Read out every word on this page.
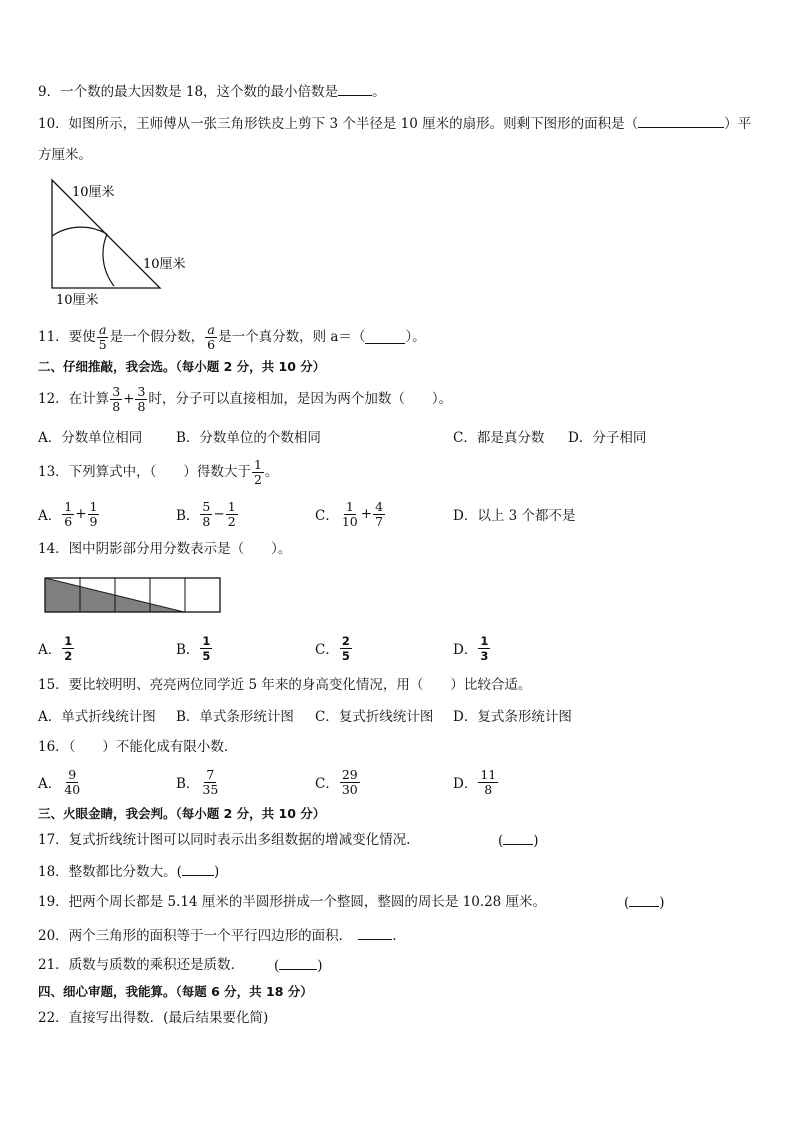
9．一个数的最大因数是 18，这个数的最小倍数是	。
10．如图所示，王师傅从一张三角形铁皮上剪下 3 个半径是 10 厘米的扇形。则剩下图形的面积是（	）平
方厘米。
10厘米
10厘米
10厘米
11．要使 $\frac{a}{5}$ 是一个假分数， $\frac{a}{6}$ 是一个真分数，则 a＝（	）。
二、仔细推敲，我会选。（每小题 2 分，共 10 分）
12．在计算 $\frac{3}{8} + \frac{3}{8}$ 时，分子可以直接相加，是因为两个加数（　　）。
A．分数单位相同	B．分数单位的个数相同	C．都是真分数 D．分子相同
13．下列算式中，（　　）得数大于 $\frac{1}{2}$ 。
A． $\frac{1}{6} + \frac{1}{9}$	B． $\frac{5}{8} - \frac{1}{2}$	C． $\frac{1}{10} + \frac{4}{7}$	D．以上 3 个都不是
14．图中阴影部分用分数表示是（　　）。
A． $\frac{1}{2}$	B． $\frac{1}{5}$	C． $\frac{2}{5}$	D． $\frac{1}{3}$
15．要比较明明、亮亮两位同学近 5 年来的身高变化情况，用（　　）比较合适。
A．单式折线统计图 B．单式条形统计图 C．复式折线统计图 D．复式条形统计图
16．（　　）不能化成有限小数．
A． $\frac{9}{40}$	B． $\frac{7}{35}$	C． $\frac{29}{30}$	D． $\frac{11}{8}$
三、火眼金睛，我会判。（每小题 2 分，共 10 分）
17．复式折线统计图可以同时表示出多组数据的增减变化情况.	( )
18．整数都比分数大。( )
19．把两个周长都是 5.14 厘米的半圆形拼成一个整圆，整圆的周长是 10.28 厘米。	( )
20．两个三角形的面积等于一个平行四边形的面积．	.
21．质数与质数的乘积还是质数． (	)
四、细心审题，我能算。（每题 6 分，共 18 分）
22．直接写出得数．(最后结果要化简)
